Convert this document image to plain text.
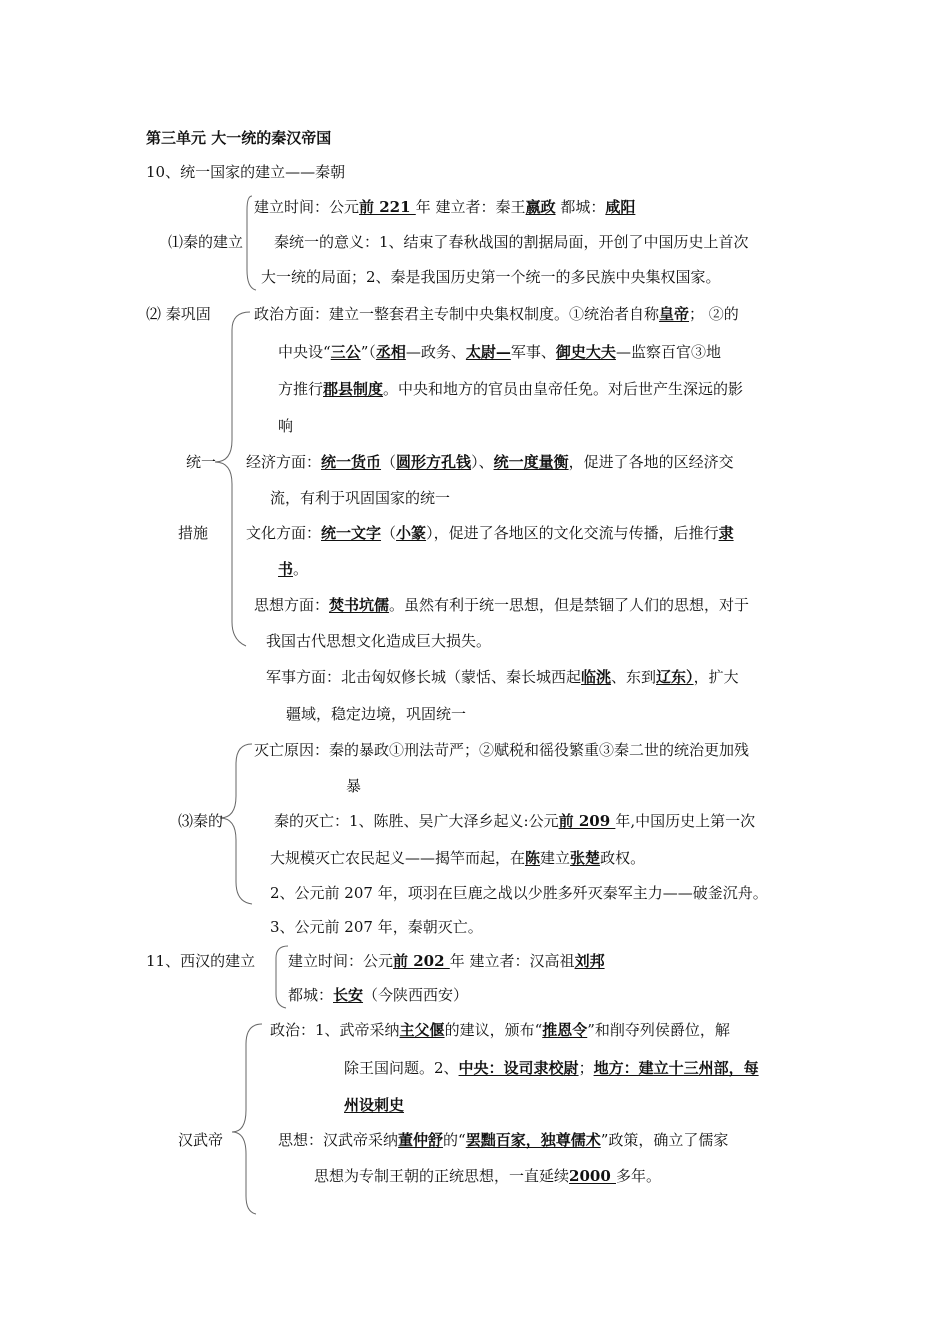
第三单元 大一统的秦汉帝国
10、统一国家的建立——秦朝
建立时间：公元前 221 年 建立者：秦王嬴政 都城：咸阳
⑴秦的建立 秦统一的意义：1、结束了春秋战国的割据局面，开创了中国历史上首次
大一统的局面；2、秦是我国历史第一个统一的多民族中央集权国家。
⑵ 秦巩固	政治方面：建立一整套君主专制中央集权制度。①统治者自称皇帝； ②的
中央设“三公”（丞相—政务、太尉—军事、御史大夫—监察百官③地
方推行郡县制度。中央和地方的官员由皇帝任免。对后世产生深远的影
响
统一 经济方面：统一货币（圆形方孔钱）、统一度量衡，促进了各地的区经济交
流，有利于巩固国家的统一
措施	文化方面：统一文字（小篆），促进了各地区的文化交流与传播，后推行隶
书。
思想方面：焚书坑儒。虽然有利于统一思想，但是禁锢了人们的思想，对于
我国古代思想文化造成巨大损失。
军事方面：北击匈奴修长城（蒙恬、秦长城西起临洮、东到辽东），扩大
疆域，稳定边境，巩固统一
灭亡原因：秦的暴政①刑法苛严；②赋税和徭役繁重③秦二世的统治更加残
暴
⑶秦的	秦的灭亡：1、陈胜、吴广大泽乡起义:公元前 209 年,中国历史上第一次
大规模灭亡农民起义——揭竿而起，在陈建立张楚政权。
2、公元前 207 年，项羽在巨鹿之战以少胜多歼灭秦军主力——破釜沉舟。
3、公元前 207 年，秦朝灭亡。
11、西汉的建立 建立时间：公元前 202 年 建立者：汉高祖刘邦
都城：长安（今陕西西安）
政治：1、武帝采纳主父偃的建议，颁布“推恩令”和削夺列侯爵位，解
除王国问题。2、中央：设司隶校尉；地方：建立十三州部，每
州设刺史
汉武帝	思想：汉武帝采纳董仲舒的“罢黜百家，独尊儒术”政策，确立了儒家
思想为专制王朝的正统思想，一直延续2000 多年。
